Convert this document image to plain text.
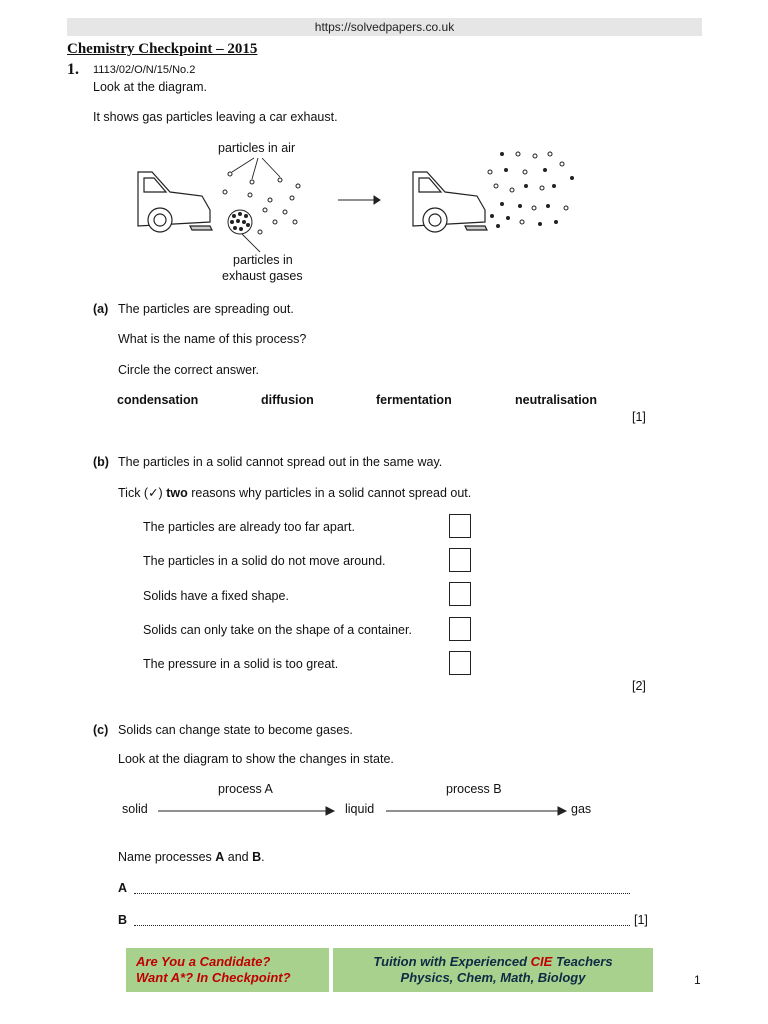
https://solvedpapers.co.uk
Chemistry Checkpoint – 2015
1. 1113/02/O/N/15/No.2
Look at the diagram.
It shows gas particles leaving a car exhaust.
particles in air
particles in
exhaust gases
(a) The particles are spreading out.
What is the name of this process?
Circle the correct answer.
condensation	diffusion	fermentation	neutralisation
[1]
(b) The particles in a solid cannot spread out in the same way.
Tick (✓) two reasons why particles in a solid cannot spread out.
The particles are already too far apart.
The particles in a solid do not move around.
Solids have a fixed shape.
Solids can only take on the shape of a container.
The pressure in a solid is too great.
[2]
(c) Solids can change state to become gases.
Look at the diagram to show the changes in state.
process A	process B
solid	liquid	gas
Name processes A and B.
A
B	[1]
Are You a Candidate?
Want A*? In Checkpoint?
Tuition with Experienced CIE Teachers
Physics, Chem, Math, Biology	1
